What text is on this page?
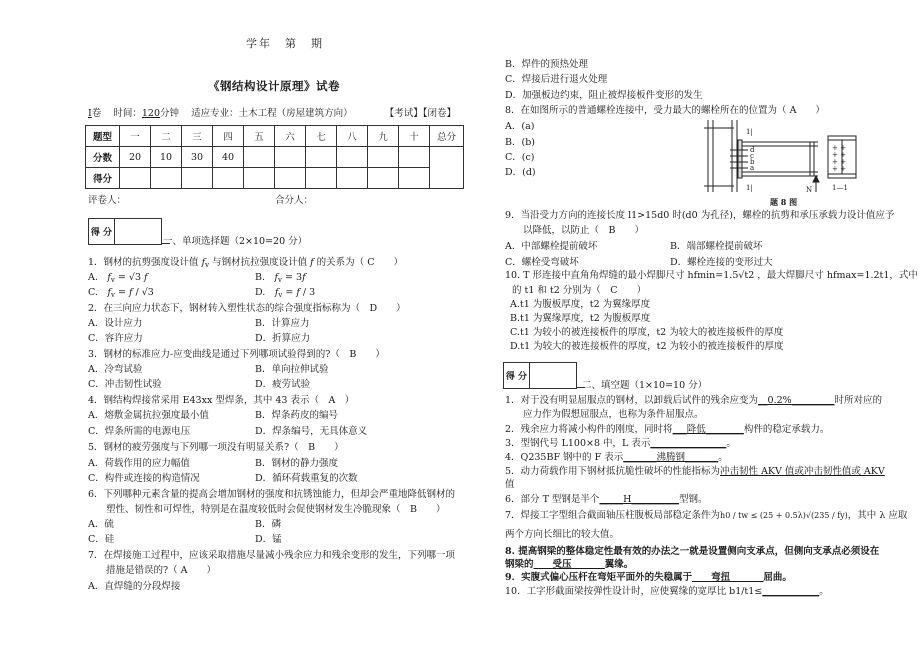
学年　第　期
《钢结构设计原理》试卷
I卷 时间：120分钟 适应专业：土木工程（房屋建筑方向）	【考试】【闭卷】
题型	一	二	三	四	五	六	七	八	九	十	总分
分数	20	10	30	40							
得分											
评卷人：	合分人：
得 分
一、单项选择题（2×10=20 分）
1．钢材的抗剪强度设计值 $f_v$ 与钢材抗拉强度设计值 f 的关系为（ C　　）
A.　$f_v = √3$ f	B.　$f_v = 3f$
C.　$f_v = f / √3$	D.　$f_v = f / 3$
2．在三向应力状态下，钢材转入塑性状态的综合强度指标称为（　D　　）
A．设计应力	B．计算应力
C．容许应力	D．折算应力
3．钢材的标准应力-应变曲线是通过下列哪项试验得到的?（　B　　）
A．冷弯试验	B．单向拉伸试验
C．冲击韧性试验	D．疲劳试验
4．钢结构焊接常采用 E43xx 型焊条，其中 43 表示（　A　）
A．熔敷金属抗拉强度最小值	B．焊条药皮的编号
C．焊条所需的电源电压	D．焊条编号，无具体意义
5．钢材的疲劳强度与下列哪一项没有明显关系?（　B　　）
A．荷载作用的应力幅值	B．钢材的静力强度
C．构件或连接的构造情况	D．循环荷载重复的次数
6．下列哪种元素含量的提高会增加钢材的强度和抗锈蚀能力，但却会严重地降低钢材的
塑性、韧性和可焊性，特别是在温度较低时会促使钢材发生冷脆现象（　B　　）
A．硫	B．磷
C．硅	D．锰
7．在焊接施工过程中，应该采取措施尽量减小残余应力和残余变形的发生，下列哪一项
措施是错误的?（ A　　）
A．直焊缝的分段焊接
B．焊件的预热处理
C．焊接后进行退火处理
D．加强板边约束，阻止被焊接板件变形的发生
8．在如图所示的普通螺栓连接中，受力最大的螺栓所在的位置为（ A　　）
A．(a)
B．(b)
C．(c)
D．(d)
d
c
b
a
1|
1|	N	1—1
+ +
+ +
+ +
+ +
题 8 图
9．当沿受力方向的连接长度 l1>15d0 时(d0 为孔径)，螺栓的抗剪和承压承载力设计值应予
以降低，以防止（　B　　）
A．中部螺栓提前破坏	B．端部螺栓提前破坏
C．螺栓受弯破坏	D．螺栓连接的变形过大
10. T 形连接中直角角焊缝的最小焊脚尺寸 hfmin=1.5√t2 ，最大焊脚尺寸 hfmax=1.2t1，式中
的 t1 和 t2 分别为（　C　　）
A.t1 为腹板厚度，t2 为翼缘厚度
B.t1 为翼缘厚度，t2 为腹板厚度
C.t1 为较小的被连接板件的厚度，t2 为较大的被连接板件的厚度
D.t1 为较大的被连接板件的厚度，t2 为较小的被连接板件的厚度
得 分
二、填空题（1×10=10 分）
1．对于没有明显屈服点的钢材，以卸载后试件的残余应变为__0.2%_________时所对应的
应力作为假想屈服点，也称为条件屈服点。
2．残余应力将减小构件的刚度，同时将___降低________构件的稳定承载力。
3．型钢代号 L100×8 中，L 表示________________。
4．Q235BF 钢中的 F 表示_______沸腾钢_______。
5．动力荷载作用下钢材抵抗脆性破坏的性能指标为冲击韧性 AKV 值或冲击韧性值或 AKV
值
6．部分 T 型钢是半个_____H__________型钢。
7．焊接工字型组合截面轴压柱腹板局部稳定条件为h0 / tw ≤ (25 + 0.5λ)√(235 / fy)，其中 λ 应取
两个方向长细比的较大值。
8. 提高钢梁的整体稳定性最有效的办法之一就是设置侧向支承点，但侧向支承点必须设在
钢梁的____受压_______翼缘。
9．实腹式偏心压杆在弯矩平面外的失稳属于____弯扭_______屈曲。
10．工字形截面梁按弹性设计时，应使翼缘的宽厚比 b1/t1≤____________。
